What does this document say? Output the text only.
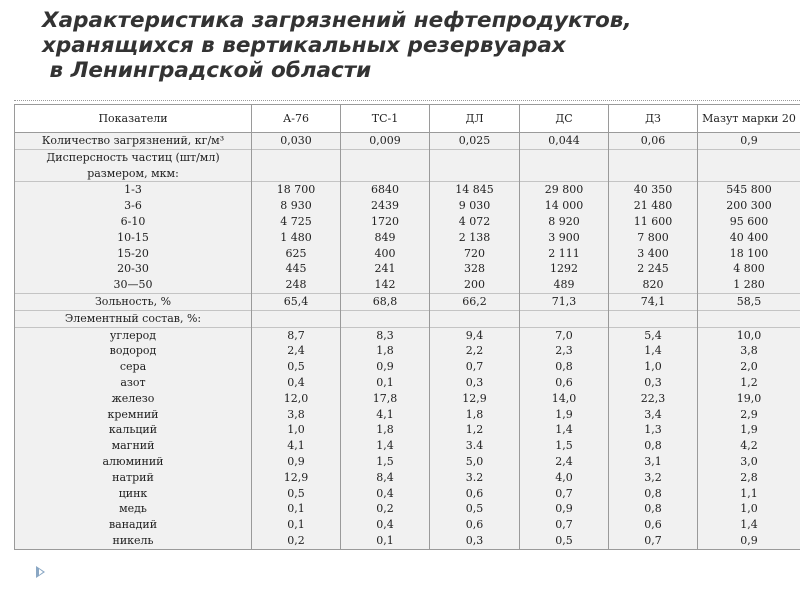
Характеристика загрязнений нефтепродуктов,
хранящихся в вертикальных резервуарах
в Ленинградской области
Показатели	А-76	ТС-1	ДЛ	ДС	ДЗ	Мазут марки 20
Количество загрязнений, кг/м³	0,030	0,009	0,025	0,044	0,06	0,9
Дисперсность частиц (шт/мл)						
размером, мкм:						
1-3	18 700	6840	14 845	29 800	40 350	545 800
3-6	8 930	2439	9 030	14 000	21 480	200 300
6-10	4 725	1720	4 072	8 920	11 600	95 600
10-15	1 480	849	2 138	3 900	7 800	40 400
15-20	625	400	720	2 111	3 400	18 100
20-30	445	241	328	1292	2 245	4 800
30—50	248	142	200	489	820	1 280
Зольность, %	65,4	68,8	66,2	71,3	74,1	58,5
Элементный состав, %:						
углерод	8,7	8,3	9,4	7,0	5,4	10,0
водород	2,4	1,8	2,2	2,3	1,4	3,8
сера	0,5	0,9	0,7	0,8	1,0	2,0
азот	0,4	0,1	0,3	0,6	0,3	1,2
железо	12,0	17,8	12,9	14,0	22,3	19,0
кремний	3,8	4,1	1,8	1,9	3,4	2,9
кальций	1,0	1,8	1,2	1,4	1,3	1,9
магний	4,1	1,4	3.4	1,5	0,8	4,2
алюминий	0,9	1,5	5,0	2,4	3,1	3,0
натрий	12,9	8,4	3.2	4,0	3,2	2,8
цинк	0,5	0,4	0,6	0,7	0,8	1,1
медь	0,1	0,2	0,5	0,9	0,8	1,0
ванадий	0,1	0,4	0,6	0,7	0,6	1,4
никель	0,2	0,1	0,3	0,5	0,7	0,9
